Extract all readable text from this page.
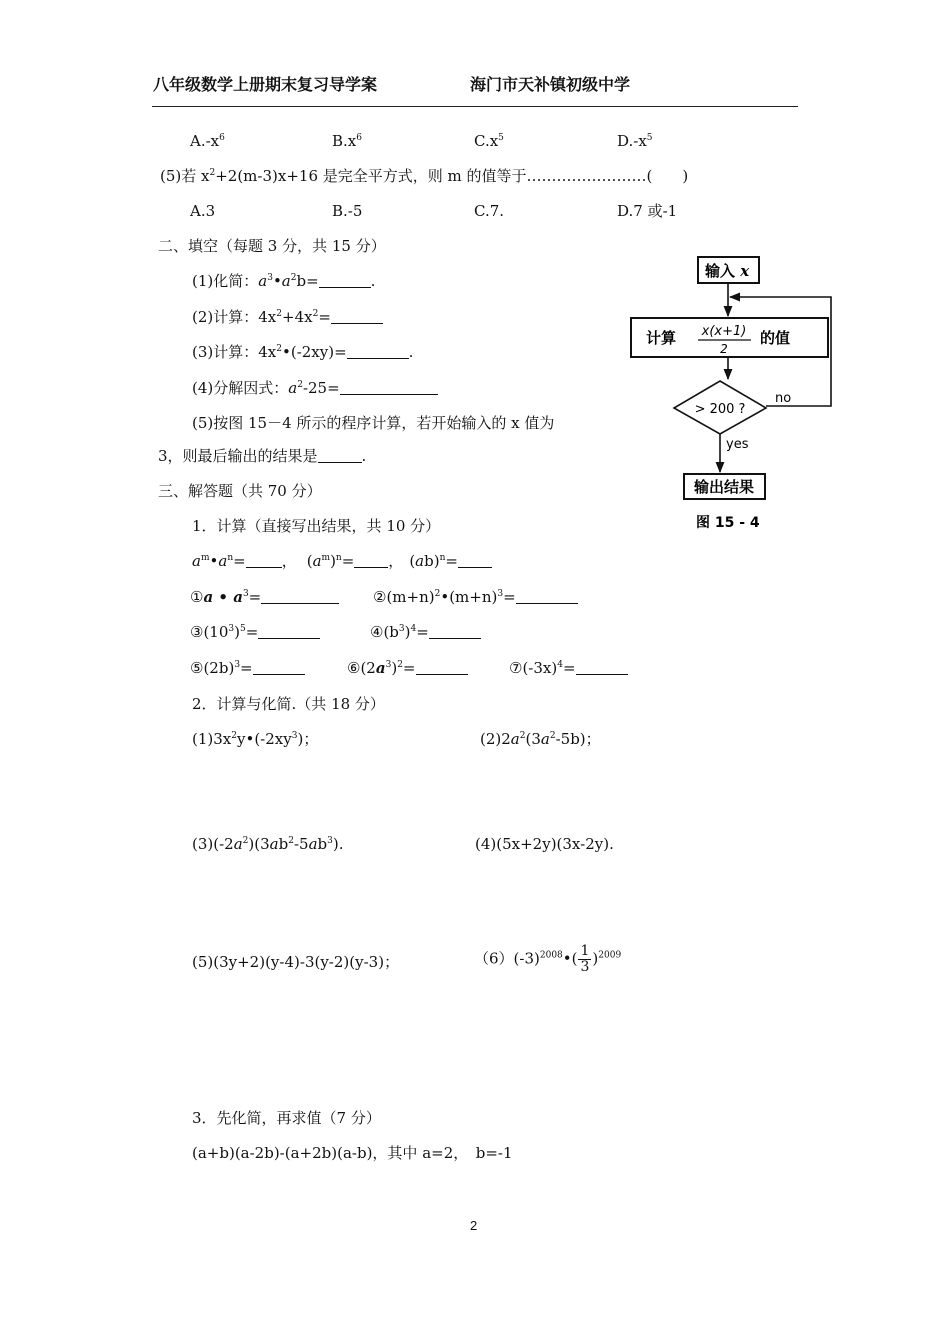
八年级数学上册期末复习导学案	海门市天补镇初级中学
$A.-x^6$	$B.x^6$	$C.x^5$	$D.-x^5$
(5)若 $x^2+2(m-3)x+16$ 是完全平方式，则 m 的值等于……………………(　　)
A.3	B.-5	C.7.	D.7 或-1
二、填空（每题 3 分，共 15 分）
(1)化简：$a^3•a^2b=$	.
(2)计算：$4x^2+4x^2=$
(3)计算：$4x^2•(-2xy)=$	.
(4)分解因式：$a^2-25=$
(5)按图 15－4 所示的程序计算，若开始输入的 x 值为
3，则最后输出的结果是	.
输入 x
计算 x(x+1)
2
的值
> 200 ?
no
yes
输出结果
图 15 - 4
三、解答题（共 70 分）
1．计算（直接写出结果，共 10 分）
$a^m•a^n=$ ， $(a^m)^n=$ ， (ab)$^n$=
①a • $a^3=$	$②(m+n)^2•(m+n)^3=$
$③(10^3)^5=$	$④(b^3)^4=$
$⑤(2b)^3=$	$⑥(2a^3)^2=$	$⑦(-3x)^4=$
2．计算与化简.（共 18 分）
$(1)3x^2y•(-2xy^3)$；	$(2)2a^2(3a^2-5b)$；
$(3)(-2a^2)(3ab^2-5ab^3)$.	(4)(5x+2y)(3x-2y).
(5)(3y+2)(y-4)-3(y-2)(y-3)；	$(6)(-3)^{2008}•( \frac{1}{3} )^{2009}$
3．先化简，再求值（7 分）
(a+b)(a-2b)-(a+2b)(a-b)，其中 a=2，　b=-1
2
